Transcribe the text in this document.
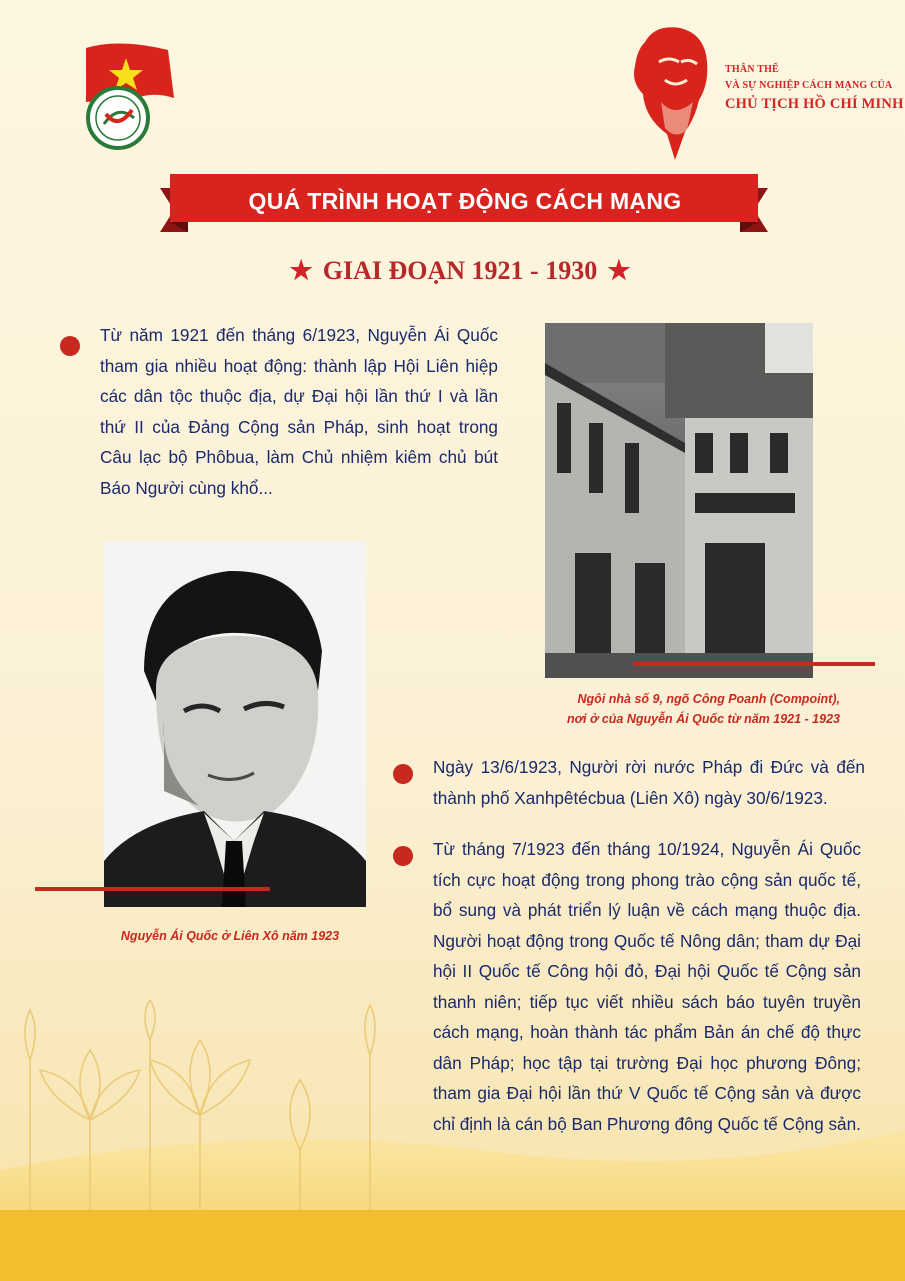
THÂN THẾ
VÀ SỰ NGHIỆP CÁCH MẠNG CỦA
CHỦ TỊCH HỒ CHÍ MINH
QUÁ TRÌNH HOẠT ĐỘNG CÁCH MẠNG
★ GIAI ĐOẠN 1921 - 1930 ★
Từ năm 1921 đến tháng 6/1923, Nguyễn Ái Quốc tham gia nhiều hoạt động: thành lập Hội Liên hiệp các dân tộc thuộc địa, dự Đại hội lần thứ I và lần thứ II của Đảng Cộng sản Pháp, sinh hoạt trong Câu lạc bộ Phôbua, làm Chủ nhiệm kiêm chủ bút Báo Người cùng khổ...
Ngôi nhà số 9, ngõ Công Poanh (Compoint),
nơi ở của Nguyễn Ái Quốc từ năm 1921 - 1923
Nguyễn Ái Quốc ở Liên Xô năm 1923
Ngày 13/6/1923, Người rời nước Pháp đi Đức và đến thành phố Xanhpêtécbua (Liên Xô) ngày 30/6/1923.
Từ tháng 7/1923 đến tháng 10/1924, Nguyễn Ái Quốc tích cực hoạt động trong phong trào cộng sản quốc tế, bổ sung và phát triển lý luận về cách mạng thuộc địa. Người hoạt động trong Quốc tế Nông dân; tham dự Đại hội II Quốc tế Công hội đỏ, Đại hội Quốc tế Cộng sản thanh niên; tiếp tục viết nhiều sách báo tuyên truyền cách mạng, hoàn thành tác phẩm Bản án chế độ thực dân Pháp; học tập tại trường Đại học phương Đông; tham gia Đại hội lần thứ V Quốc tế Cộng sản và được chỉ định là cán bộ Ban Phương đông Quốc tế Cộng sản.
